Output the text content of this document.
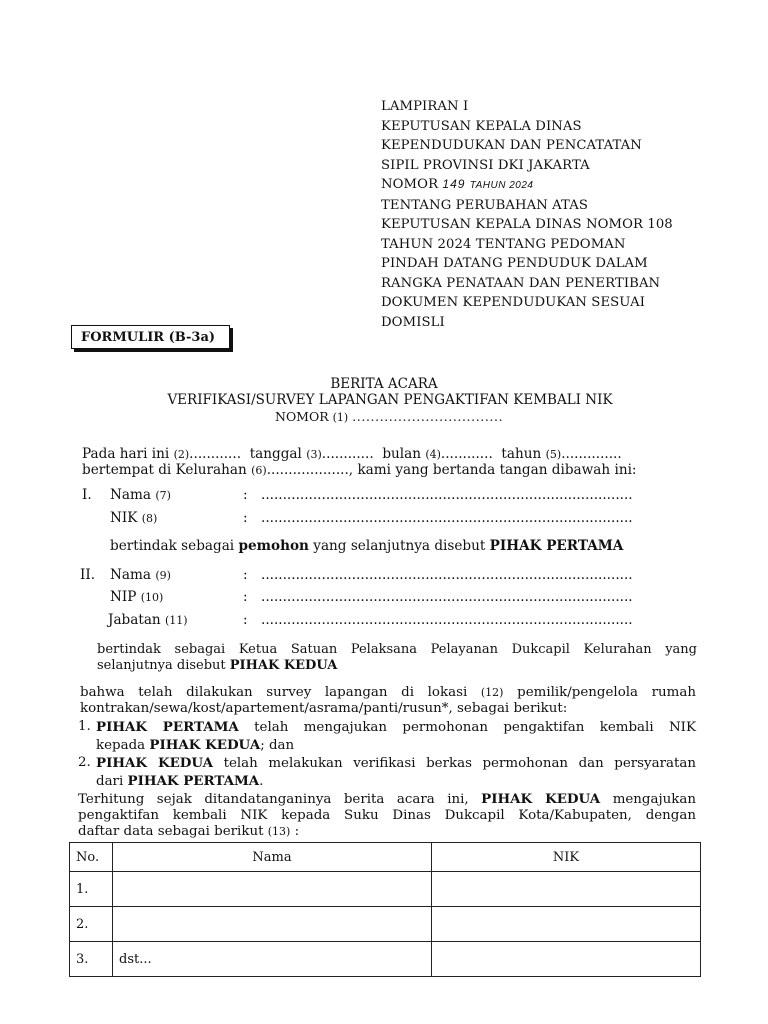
LAMPIRAN I
KEPUTUSAN KEPALA DINAS
KEPENDUDUKAN DAN PENCATATAN
SIPIL PROVINSI DKI JAKARTA
NOMOR 149 TAHUN 2024
TENTANG PERUBAHAN ATAS
KEPUTUSAN KEPALA DINAS NOMOR 108
TAHUN 2024 TENTANG PEDOMAN
PINDAH DATANG PENDUDUK DALAM
RANGKA PENATAAN DAN PENERTIBAN
DOKUMEN KEPENDUDUKAN SESUAI
DOMISLI
FORMULIR (B-3a)
BERITA ACARA
VERIFIKASI/SURVEY LAPANGAN PENGAKTIFAN KEMBALI NIK
NOMOR (1) .................................
Pada hari ini (2)............ tanggal (3)............ bulan (4)............ tahun (5)..............
bertempat di Kelurahan (6)..................., kami yang bertanda tangan dibawah ini:
I. Nama (7)	: ......................................................................................
NIK (8)	: ......................................................................................
bertindak sebagai pemohon yang selanjutnya disebut PIHAK PERTAMA
II. Nama (9)	: ......................................................................................
NIP (10)	: ......................................................................................
Jabatan (11)	: ......................................................................................
bertindak sebagai Ketua Satuan Pelaksana Pelayanan Dukcapil Kelurahan yang
selanjutnya disebut PIHAK KEDUA
bahwa telah dilakukan survey lapangan di lokasi (12) pemilik/pengelola rumah
kontrakan/sewa/kost/apartement/asrama/panti/rusun*, sebagai berikut:
1. PIHAK PERTAMA telah mengajukan permohonan pengaktifan kembali NIK
kepada PIHAK KEDUA; dan
2. PIHAK KEDUA telah melakukan verifikasi berkas permohonan dan persyaratan
dari PIHAK PERTAMA.
Terhitung sejak ditandatanganinya berita acara ini, PIHAK KEDUA mengajukan
pengaktifan kembali NIK kepada Suku Dinas Dukcapil Kota/Kabupaten, dengan
daftar data sebagai berikut (13) :
No.	Nama	NIK
1.		
2.		
3.	dst...	
